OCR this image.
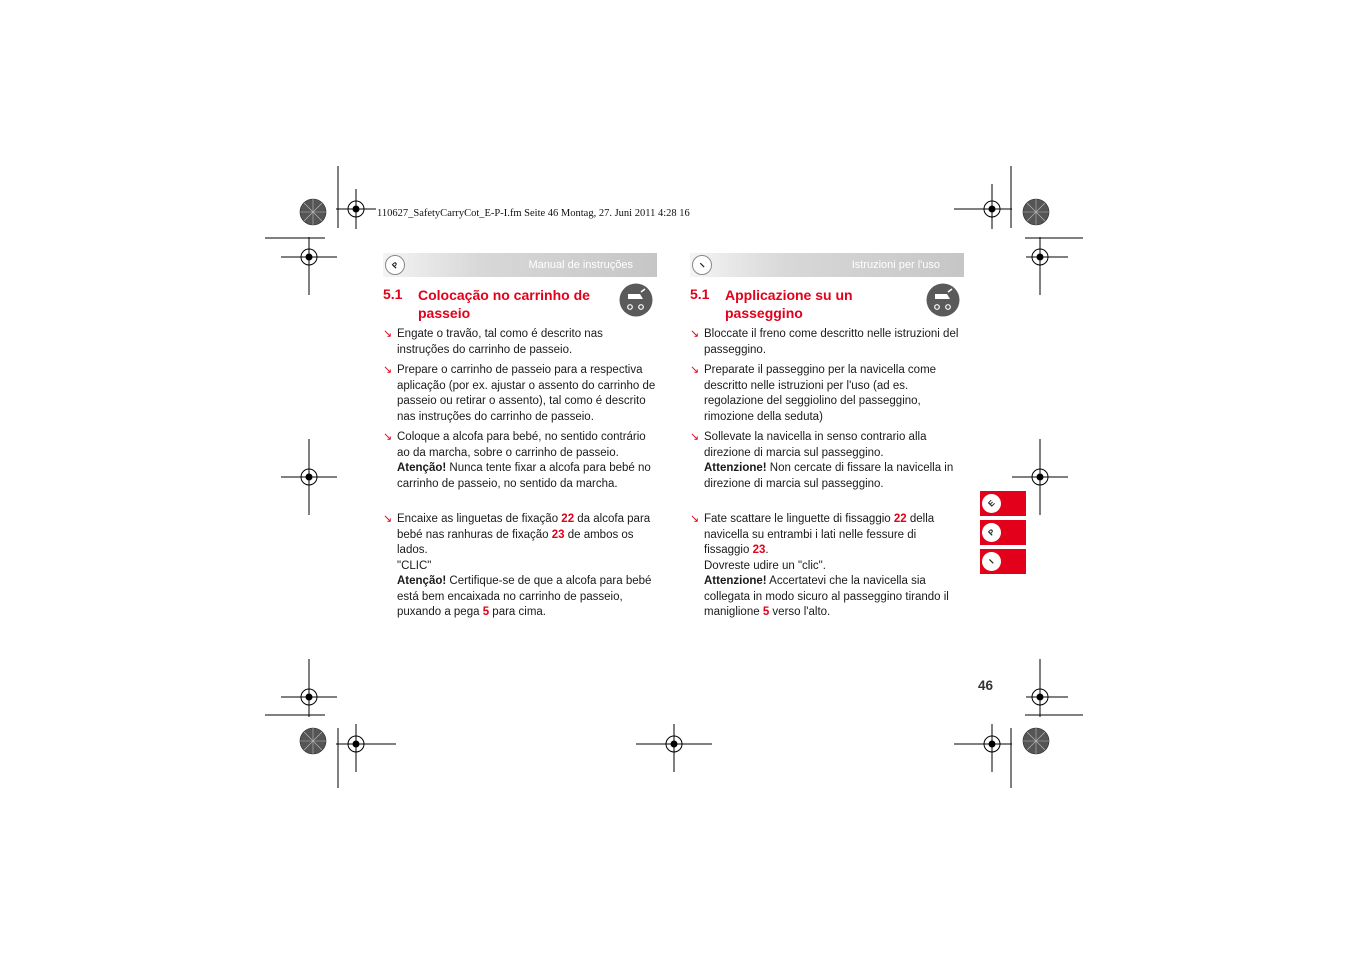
110627_SafetyCarryCot_E-P-I.fm Seite 46 Montag, 27. Juni 2011 4:28 16
P	Manual de instruções
5.1 Colocação no carrinho de passeio
↘ Engate o travão, tal como é descrito nas instruções do carrinho de passeio.
↘ Prepare o carrinho de passeio para a respectiva aplicação (por ex. ajustar o assento do carrinho de passeio ou retirar o assento), tal como é descrito nas instruções do carrinho de passeio.
↘ Coloque a alcofa para bebé, no sentido contrário ao da marcha, sobre o carrinho de passeio.
Atenção! Nunca tente fixar a alcofa para bebé no carrinho de passeio, no sentido da marcha.
↘ Encaixe as linguetas de fixação 22 da alcofa para bebé nas ranhuras de fixação 23 de ambos os lados.
"CLIC"
Atenção! Certifique-se de que a alcofa para bebé está bem encaixada no carrinho de passeio, puxando a pega 5 para cima.
I	Istruzioni per l'uso
5.1 Applicazione su un passeggino
↘ Bloccate il freno come descritto nelle istruzioni del passeggino.
↘ Preparate il passeggino per la navicella come descritto nelle istruzioni per l'uso (ad es. regolazione del seggiolino del passeggino, rimozione della seduta)
↘ Sollevate la navicella in senso contrario alla direzione di marcia sul passeggino.
Attenzione! Non cercate di fissare la navicella in direzione di marcia sul passeggino.
↘ Fate scattare le linguette di fissaggio 22 della navicella su entrambi i lati nelle fessure di fissaggio 23.
Dovreste udire un "clic".
Attenzione! Accertatevi che la navicella sia collegata in modo sicuro al passeggino tirando il maniglione 5 verso l'alto.
E
P
I
46
